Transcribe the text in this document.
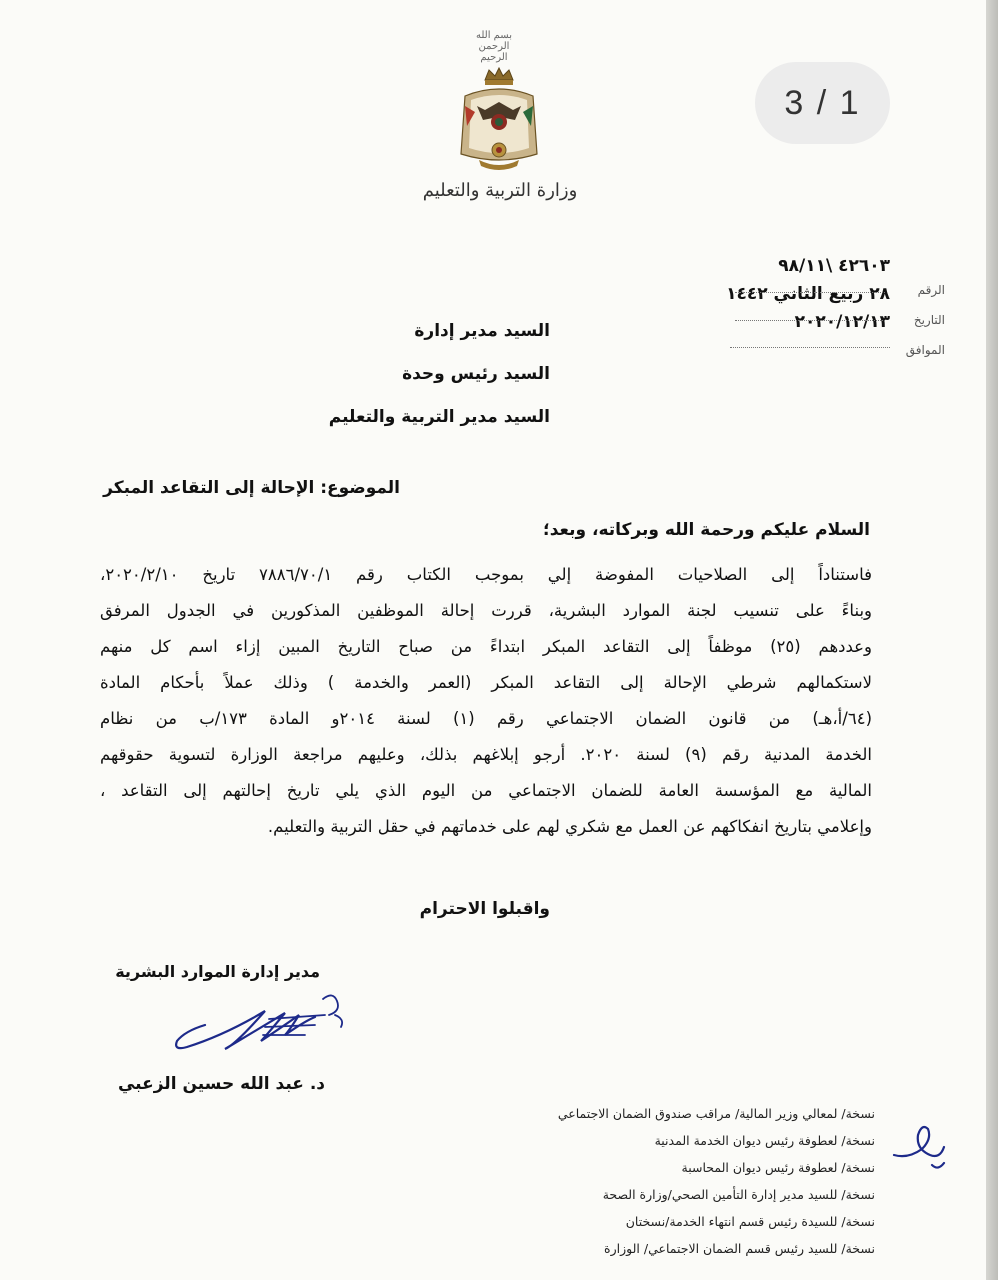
بسم الله الرحمن الرحيم
وزارة التربية والتعليم
3 / 1
٤٢٦٠٣ \٩٨/١١
٢٨ ربيع الثاني ١٤٤٢
٢٠٢٠/١٢/١٣
الرقم
التاريخ
الموافق
السيد مدير إدارة
السيد رئيس وحدة
السيد مدير التربية والتعليم
الموضوع: الإحالة إلى التقاعد المبكر
السلام عليكم ورحمة الله وبركاته، وبعد؛
فاستناداً إلى الصلاحيات المفوضة إلي بموجب الكتاب رقم ٧٨٨٦/٧٠/١ تاريخ ٢٠٢٠/٢/١٠،
وبناءً على تنسيب لجنة الموارد البشرية، قررت إحالة الموظفين المذكورين في الجدول المرفق
وعددهم (٢٥) موظفاً إلى التقاعد المبكر ابتداءً من صباح التاريخ المبين إزاء اسم كل منهم
لاستكمالهم شرطي الإحالة إلى التقاعد المبكر (العمر والخدمة ) وذلك عملاً بأحكام المادة
(٦٤/أ،هـ) من قانون الضمان الاجتماعي رقم (١) لسنة ٢٠١٤و المادة ١٧٣/ب من نظام
الخدمة المدنية رقم (٩) لسنة ٢٠٢٠. أرجو إبلاغهم بذلك، وعليهم مراجعة الوزارة لتسوية حقوقهم
المالية مع المؤسسة العامة للضمان الاجتماعي من اليوم الذي يلي تاريخ إحالتهم إلى التقاعد ،
وإعلامي بتاريخ انفكاكهم عن العمل مع شكري لهم على خدماتهم في حقل التربية والتعليم.
واقبلوا الاحترام
مدير إدارة الموارد البشرية
د. عبد الله حسين الزعبي
نسخة/ لمعالي وزير المالية/ مراقب صندوق الضمان الاجتماعي
نسخة/ لعطوفة رئيس ديوان الخدمة المدنية
نسخة/ لعطوفة رئيس ديوان المحاسبة
نسخة/ للسيد مدير إدارة التأمين الصحي/وزارة الصحة
نسخة/ للسيدة رئيس قسم انتهاء الخدمة/نسختان
نسخة/ للسيد رئيس قسم الضمان الاجتماعي/ الوزارة
